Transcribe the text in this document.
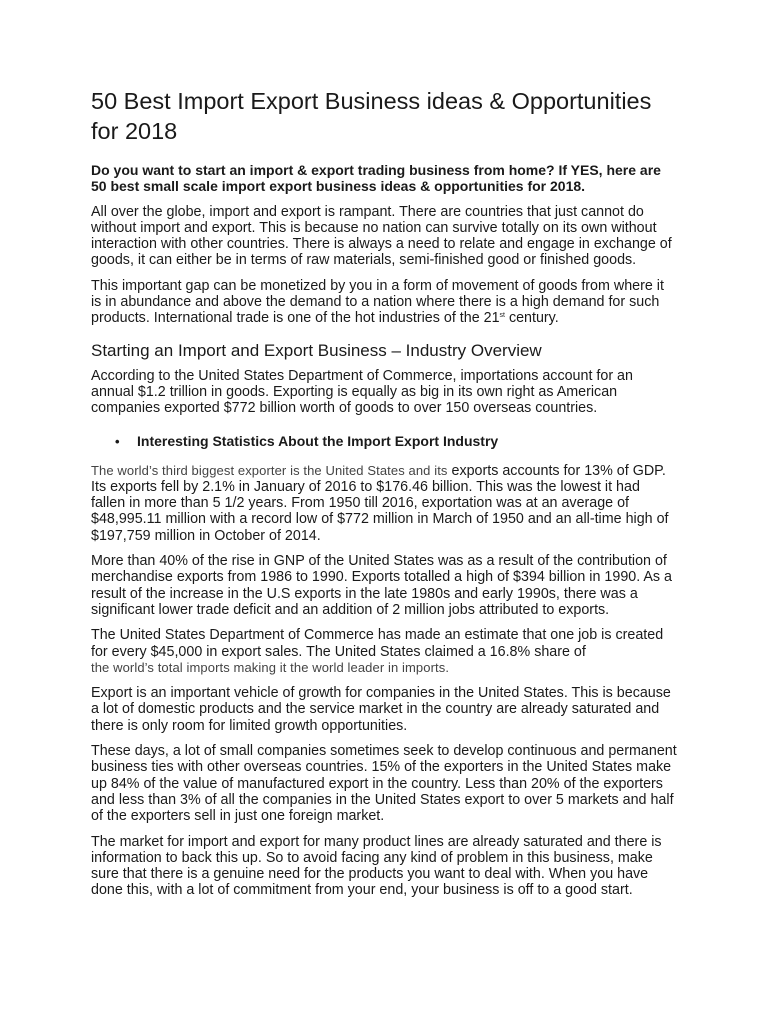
50 Best Import Export Business ideas & Opportunities for 2018

Do you want to start an import & export trading business from home? If YES, here are 50 best small scale import export business ideas & opportunities for 2018.

All over the globe, import and export is rampant. There are countries that just cannot do without import and export. This is because no nation can survive totally on its own without interaction with other countries. There is always a need to relate and engage in exchange of goods, it can either be in terms of raw materials, semi-finished good or finished goods.

This important gap can be monetized by you in a form of movement of goods from where it is in abundance and above the demand to a nation where there is a high demand for such products. International trade is one of the hot industries of the 21st century.

Starting an Import and Export Business – Industry Overview

According to the United States Department of Commerce, importations account for an annual $1.2 trillion in goods. Exporting is equally as big in its own right as American companies exported $772 billion worth of goods to over 150 overseas countries.

•	Interesting Statistics About the Import Export Industry

The world’s third biggest exporter is the United States and its exports accounts for 13% of GDP. Its exports fell by 2.1% in January of 2016 to $176.46 billion. This was the lowest it had fallen in more than 5 1/2 years. From 1950 till 2016, exportation was at an average of $48,995.11 million with a record low of $772 million in March of 1950 and an all-time high of $197,759 million in October of 2014.

More than 40% of the rise in GNP of the United States was as a result of the contribution of merchandise exports from 1986 to 1990. Exports totalled a high of $394 billion in 1990. As a result of the increase in the U.S exports in the late 1980s and early 1990s, there was a significant lower trade deficit and an addition of 2 million jobs attributed to exports.

The United States Department of Commerce has made an estimate that one job is created for every $45,000 in export sales. The United States claimed a 16.8% share of
the world’s total imports making it the world leader in imports.

Export is an important vehicle of growth for companies in the United States. This is because a lot of domestic products and the service market in the country are already saturated and there is only room for limited growth opportunities.

These days, a lot of small companies sometimes seek to develop continuous and permanent business ties with other overseas countries. 15% of the exporters in the United States make up 84% of the value of manufactured export in the country. Less than 20% of the exporters and less than 3% of all the companies in the United States export to over 5 markets and half of the exporters sell in just one foreign market.

The market for import and export for many product lines are already saturated and there is information to back this up. So to avoid facing any kind of problem in this business, make sure that there is a genuine need for the products you want to deal with. When you have done this, with a lot of commitment from your end, your business is off to a good start.
